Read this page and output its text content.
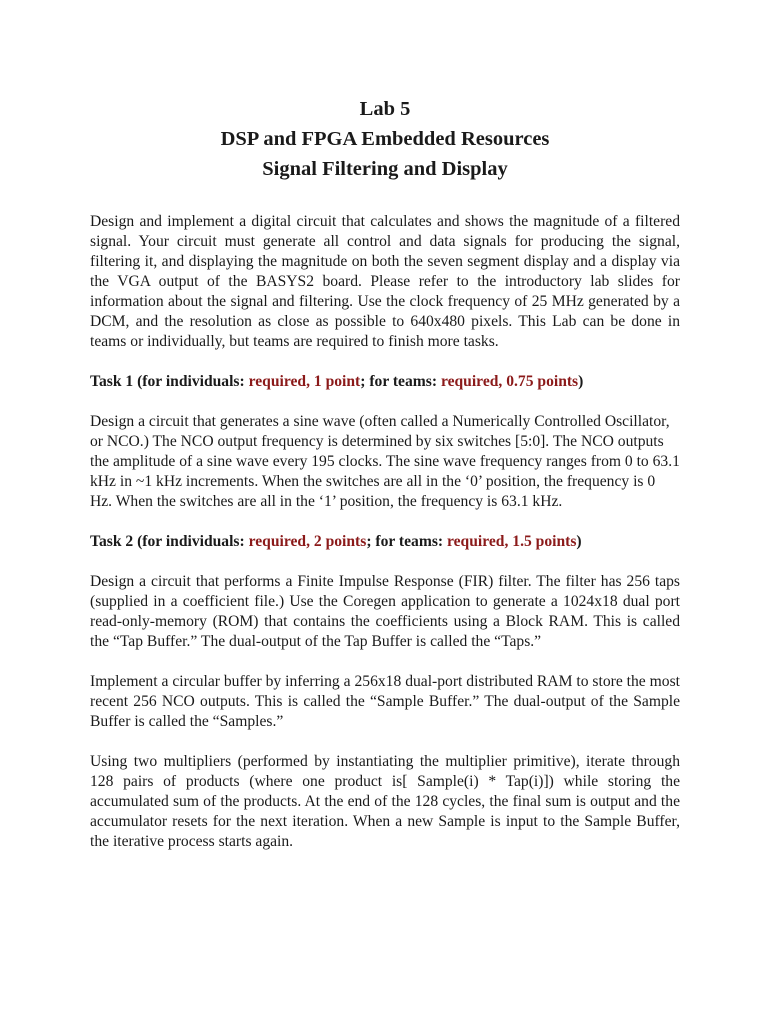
Lab 5
DSP and FPGA Embedded Resources
Signal Filtering and Display

Design and implement a digital circuit that calculates and shows the magnitude of a filtered signal. Your circuit must generate all control and data signals for producing the signal, filtering it, and displaying the magnitude on both the seven segment display and a display via the VGA output of the BASYS2 board. Please refer to the introductory lab slides for information about the signal and filtering. Use the clock frequency of 25 MHz generated by a DCM, and the resolution as close as possible to 640x480 pixels. This Lab can be done in teams or individually, but teams are required to finish more tasks.

Task 1 (for individuals: required, 1 point; for teams: required, 0.75 points)

Design a circuit that generates a sine wave (often called a Numerically Controlled Oscillator, or NCO.) The NCO output frequency is determined by six switches [5:0]. The NCO outputs the amplitude of a sine wave every 195 clocks. The sine wave frequency ranges from 0 to 63.1 kHz in ~1 kHz increments. When the switches are all in the ‘0’ position, the frequency is 0 Hz. When the switches are all in the ‘1’ position, the frequency is 63.1 kHz.

Task 2 (for individuals: required, 2 points; for teams: required, 1.5 points)

Design a circuit that performs a Finite Impulse Response (FIR) filter. The filter has 256 taps (supplied in a coefficient file.) Use the Coregen application to generate a 1024x18 dual port read-only-memory (ROM) that contains the coefficients using a Block RAM. This is called the “Tap Buffer.” The dual-output of the Tap Buffer is called the “Taps.”

Implement a circular buffer by inferring a 256x18 dual-port distributed RAM to store the most recent 256 NCO outputs. This is called the “Sample Buffer.” The dual-output of the Sample Buffer is called the “Samples.”

Using two multipliers (performed by instantiating the multiplier primitive), iterate through 128 pairs of products (where one product is[ Sample(i) * Tap(i)]) while storing the accumulated sum of the products. At the end of the 128 cycles, the final sum is output and the accumulator resets for the next iteration. When a new Sample is input to the Sample Buffer, the iterative process starts again.
